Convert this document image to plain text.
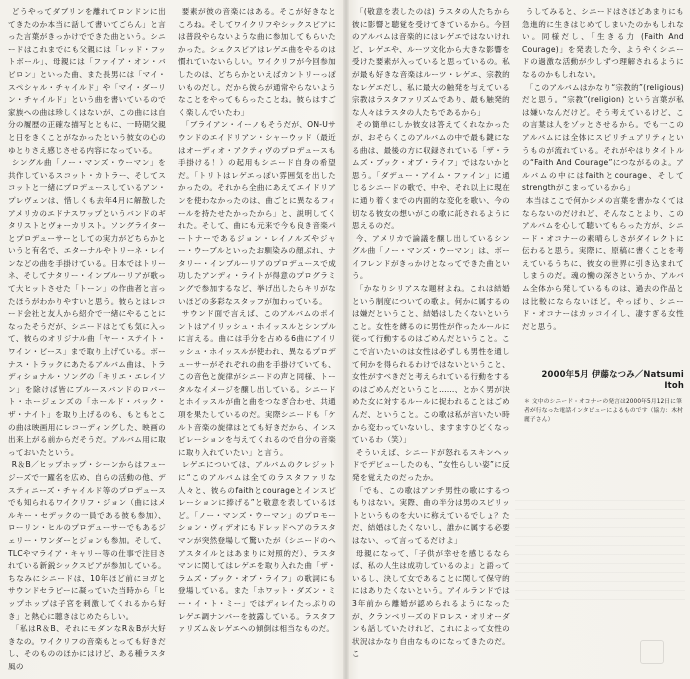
どうやってダブリンを離れてロンドンに出てきたのか本当に話して書いてごらん」と言った言葉がきっかけでできた曲という。シニードはこれまでにも父親には「レッド・フットボール」、母親には「ファイア・オン・バビロン」といった曲、また長男には「マイ・スペシャル・チャイルド」や「マイ・ダーリン・チャイルド」という曲を書いているので家族への曲は珍しくはないが、この曲には自分の履歴の正確な描写とともに、一時期父親と日をきくことがなかったという彼女の心のゆとりさえ感じさせる内容になっている。

シングル曲「ノー・マンズ・ウーマン」を共作しているスコット・カトラー、そしてスコットと一緒にプロデュースしているアン・プレヴェンは、惜しくも去年4月に解散したアメリカのエドナスワップというバンドのギタリストとヴォーカリスト。ソングライターとプロデューサーとしての実力がどちらかというと有名で、エターナルやトリーネ・レインなどの曲を手掛けている。日本ではトリーネ、そしてナタリー・インブルーリアが歌って大ヒットさせた「トーン」の作曲者と言ったほうがわかりやすいと思う。彼らとはレコード会社と友人から紹介で一緒にやることになったそうだが、シニードはとても気に入って、彼らのオリジナル曲「ヤー・ステイト・ワイン・ビース」まで取り上げている。ボーナス・トラックにあたるアルバム曲は、トラディショナル・ソングの「キリエ・エレイソン」を除けば皆にブルースバンドのロバート・ホージェンズの「ホールド・バック・ザ・ナイト」を取り上げるのも、もともとこの曲は映画用にレコーディングした、映画の出来上がる前からだそうだ。アルバム用に取っておいたという。

R＆B／ヒップホップ・シーンからはフュージーズで一躍名を広め、自らの活動の他、デスティニーズ・チャイルド等のプロデュースでも知られるワイクリフ・ジョン（曲にはメルキー・セデックの一員である彼も参加）、ローリン・ヒルのプロデューサーでもあるジェリー・ワンダーとジョンも参加。そして、TLCやマライア・キャリー等の仕事で注目されている新鋭シックスピアが参加している。ちなみにシニードは、10年ほど前にヨガとサウンドセラピーに凝っていた当時から「ヒップホップは子宮を刺激してくれるから好き」と熱心に聴きはじめたらしい。

「私はR＆B、それにモダンなR＆Bが大好きなの。ワイクリフの音楽もとっても好きだし、そのもののほかにはけど、ある種ラスタ風の

要素が彼の音楽にはある。そこが好きなところね。そしてワイクリフやシックスピアには普段やらないような曲に参加してもらいたかった。シェクスピアはレゲエ曲をやるのは慣れていないらしい。ワイクリフが今回参加したのは、どちらかといえばカントリーっぽいものだし。だから彼らが通常やらないようなことをやってもらったことね。彼らはすごく楽しんでいたわ」

「ブライアン・イーノもそうだが、ON-Uサウンドのエイドリアン・シャーウッド（最近はオーディオ・アクティヴのプロデュースも手掛ける！）の起用もシニード自身の希望だ。「トリトはレゲエっぽい雰囲気を出したかったの。それから全曲にあえてエイドリアンを使わなかったのは、曲ごとに異なるフィールを持たせたかったから」と、説明してくれた。そして、曲にも元来で今も良き音楽パートナーであるジョン・レイノルズやジャー・ウーブルといったお馴染みの顔ぶれ、ナタリー・インブルーリアのプロデュースで成功したアンディ・ライトが得意のプログラミングで参加するなど、挙げ出したらキリがないほどの多彩なスタッフが加わっている。

サウンド面で言えば、このアルバムのポイントはアイリッシュ・ホイッスルとシンプルに言える。曲には手分を占める6曲にアイリッシュ・ホイッスルが使われ、異なるプロデューサーがそれぞれの曲を手掛けていても、この音色と旋律がシニードの声と同様、トータルなイメージを醸し出している。シニードとホイッスルが曲と曲をつなぎ合わせ、共通項を果たしているのだ。実際シニードも「ケルト音楽の旋律はとても好きだから、インスピレーションを与えてくれるので自分の音楽に取り入れていたい」と言う。

レゲエについては、アルバムのクレジットに“このアルバムは全てのラスタファリな人々と、彼らのfaithとcourageとインスピレーションに捧げる”と敬意を表しているほど。「ノー・マンズ・ウーマン」のプロモーション・ヴィデオにもドレッドヘアのラスタマンが突然登場して驚いたが（シニードのヘアスタイルとはあまりに対照的だ）、ラスタマンに関してはレゲエを取り入れた曲「ザ・ラムズ・ブック・オブ・ライフ」の歌詞にも登場している。また「ホワット・ダズン・ミー・イ・ト・ミー」ではディレイたっぷりのレゲエ調ナンバーを披露している。ラスタファリズム＆レゲエへの傾倒は相当なものだ。

「(敬意を表したのは) ラスタの人たちから彼に影響と聴覚を受けてきているから。今回のアルバムは音楽的にはレゲエではないけれど、レゲエや、ルーツ文化から大きな影響を受けた要素が入っていると思っているの。私が最も好きな音楽はルーツ・レゲエ、宗教的なレゲエだし、私に最大の触発を与えている宗教はラスタファリズムであり、最も触発的な人々はラスタの人たちであるから」

その簡単にしか彼女は答えてくれなかったが、おそらくこのアルバムの中で最も鍵になる曲は、最後の方に収録されている「ザ・ラムズ・ブック・オブ・ライフ」ではないかと思う。「ダデュー・アイム・ファイン」に通じるシニードの歌で、中や、それ以上に現在に通り着くまでの内面的な変化を歌い、今の切なる彼女の想いがこの歌に託されるように思えるのだ。

今、アメリカで論議を醸し出しているシングル曲「ノー・マンズ・ウーマン」は、ボーイフレンドがきっかけとなってできた曲という。

「かなりシリアスな題材よね。これは結婚という制度についての歌よ。何かに属するのは嫌だということ、結婚はしたくないということ。女性を縛るのに男性が作ったルールに従って行動するのはごめんだということ。ここで言いたいのは女性は必ずしも男性を通して何かを得られるわけではないということ、女性がすべきだと考えられている行動をするのはごめんだということ……、とかく男が決めた女に対するルールに捉われることはごめんだ、ということ。この歌は私が言いたい時から変わっていないし、ますますひどくなっているわ（笑）」

そういえば、シニードが怒れるスキンヘッドでデビューしたのも、“女性らしい姿”に反発を覚えたのだったか。

「でも、この歌はアンチ男性の歌にするつもりはない。実際、曲の半分は男のスピリットというものを大いに称えているでしょ？ただ、結婚はしたくないし、誰かに属する必要はない、って言ってるだけよ」

母親になって、「子供が幸せを感じるならば、私の人生は成功しているのよ」と語っているし、決して女であることに関して保守的にはありたくないという。アイルランドでは3年前から離婚が認められるようになったが、クランベリーズのドロレス・オリオーダンも話していたけれど、これによって女性の状況はかなり自由なものになってきたのだ。こ

うしてみると、シニードはさほどあまりにも急進的に生きはじめてしまいたのかもしれない。同様だし、「生きる力 (Faith And Courage)」を発表した今、ようやくシニードの過激な活動が少しずつ理解されるようになるのかもしれない。

「このアルバムはかなり“宗教的”(religious)だと思う。“宗教”(religion) という言葉が私は嫌いなんだけど。そう考えているけど、この言葉は人をゾッとさせるから。でも一このアルバムには全体にスピリチュアリティというものが流れている。それがやはりタイトルの“Faith And Courage”につながるのよ。アルバムの中にはfaithとcourage、そしてstrengthがこまっているから」

本当はここで何かシメの言葉を書かなくてはならないのだけれど、そんなことより、このアルバムを心して聴いてもらった方が、シニード・オコナーの素晴らしさがダイレクトに伝わると思う。実際に、原稿に書くことを考えているうちに、彼女の世界に引き込まれてしまうのだ。魂の慟の深さというか、アルバム全体から発しているものは、過去の作品とは比較にならないほど。やっぱり、シニード・オコナーはカッコイイし、凄すぎる女性だと思う。

2000年5月 伊藤なつみ／Natsumi Itoh
＊ 文中のシニード・オコナーの発言は2000年5月12日に筆者が行なった電話インタビューによるものです（協力：木村麗子さん）
